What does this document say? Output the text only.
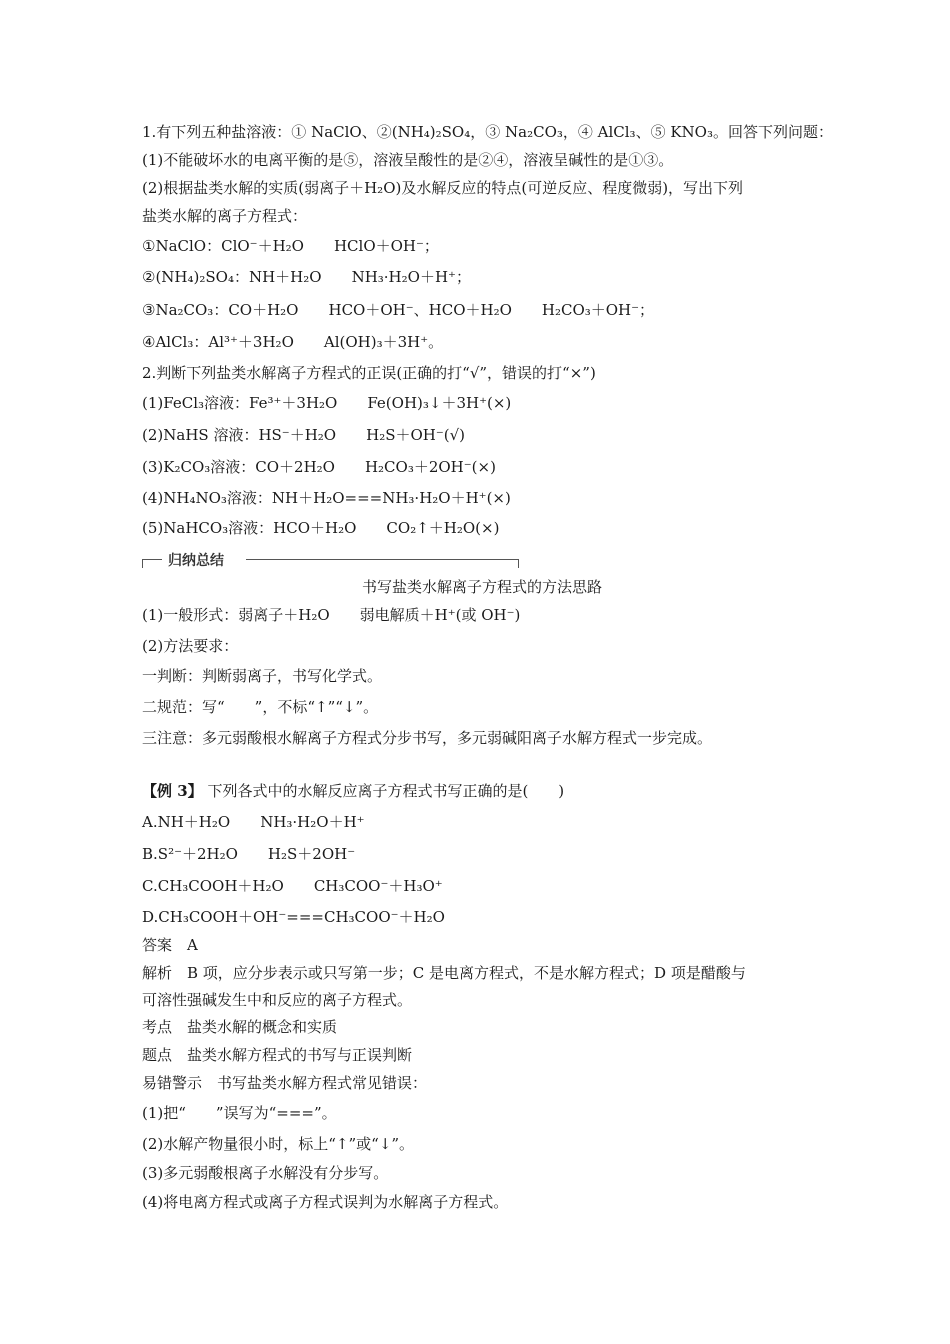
1.有下列五种盐溶液：① NaClO、②(NH₄)₂SO₄，③ Na₂CO₃，④ AlCl₃、⑤ KNO₃。回答下列问题：
(1)不能破坏水的电离平衡的是⑤，溶液呈酸性的是②④，溶液呈碱性的是①③。
(2)根据盐类水解的实质(弱离子＋H₂O)及水解反应的特点(可逆反应、程度微弱)，写出下列
盐类水解的离子方程式：
①NaClO：ClO⁻＋H₂O　　HClO＋OH⁻；
②(NH₄)₂SO₄：NH＋H₂O　　NH₃·H₂O＋H⁺；
③Na₂CO₃：CO＋H₂O　　HCO＋OH⁻、HCO＋H₂O　　H₂CO₃＋OH⁻；
④AlCl₃：Al³⁺＋3H₂O　　Al(OH)₃＋3H⁺。
2.判断下列盐类水解离子方程式的正误(正确的打“√”，错误的打“×”)
(1)FeCl₃溶液：Fe³⁺＋3H₂O　　Fe(OH)₃↓＋3H⁺(×)
(2)NaHS 溶液：HS⁻＋H₂O　　H₂S＋OH⁻(√)
(3)K₂CO₃溶液：CO＋2H₂O　　H₂CO₃＋2OH⁻(×)
(4)NH₄NO₃溶液：NH＋H₂O===NH₃·H₂O＋H⁺(×)
(5)NaHCO₃溶液：HCO＋H₂O　　CO₂↑＋H₂O(×)
归纳总结
书写盐类水解离子方程式的方法思路
(1)一般形式：弱离子＋H₂O　　弱电解质＋H⁺(或 OH⁻)
(2)方法要求：
一判断：判断弱离子，书写化学式。
二规范：写“　　”，不标“↑”“↓”。
三注意：多元弱酸根水解离子方程式分步书写，多元弱碱阳离子水解方程式一步完成。
【例 3】 下列各式中的水解反应离子方程式书写正确的是(　　)
A.NH＋H₂O　　NH₃·H₂O＋H⁺
B.S²⁻＋2H₂O　　H₂S＋2OH⁻
C.CH₃COOH＋H₂O　　CH₃COO⁻＋H₃O⁺
D.CH₃COOH＋OH⁻===CH₃COO⁻＋H₂O
答案　A
解析　B 项，应分步表示或只写第一步；C 是电离方程式，不是水解方程式；D 项是醋酸与
可溶性强碱发生中和反应的离子方程式。
考点　盐类水解的概念和实质
题点　盐类水解方程式的书写与正误判断
易错警示　书写盐类水解方程式常见错误：
(1)把“　　”误写为“===”。
(2)水解产物量很小时，标上“↑”或“↓”。
(3)多元弱酸根离子水解没有分步写。
(4)将电离方程式或离子方程式误判为水解离子方程式。
